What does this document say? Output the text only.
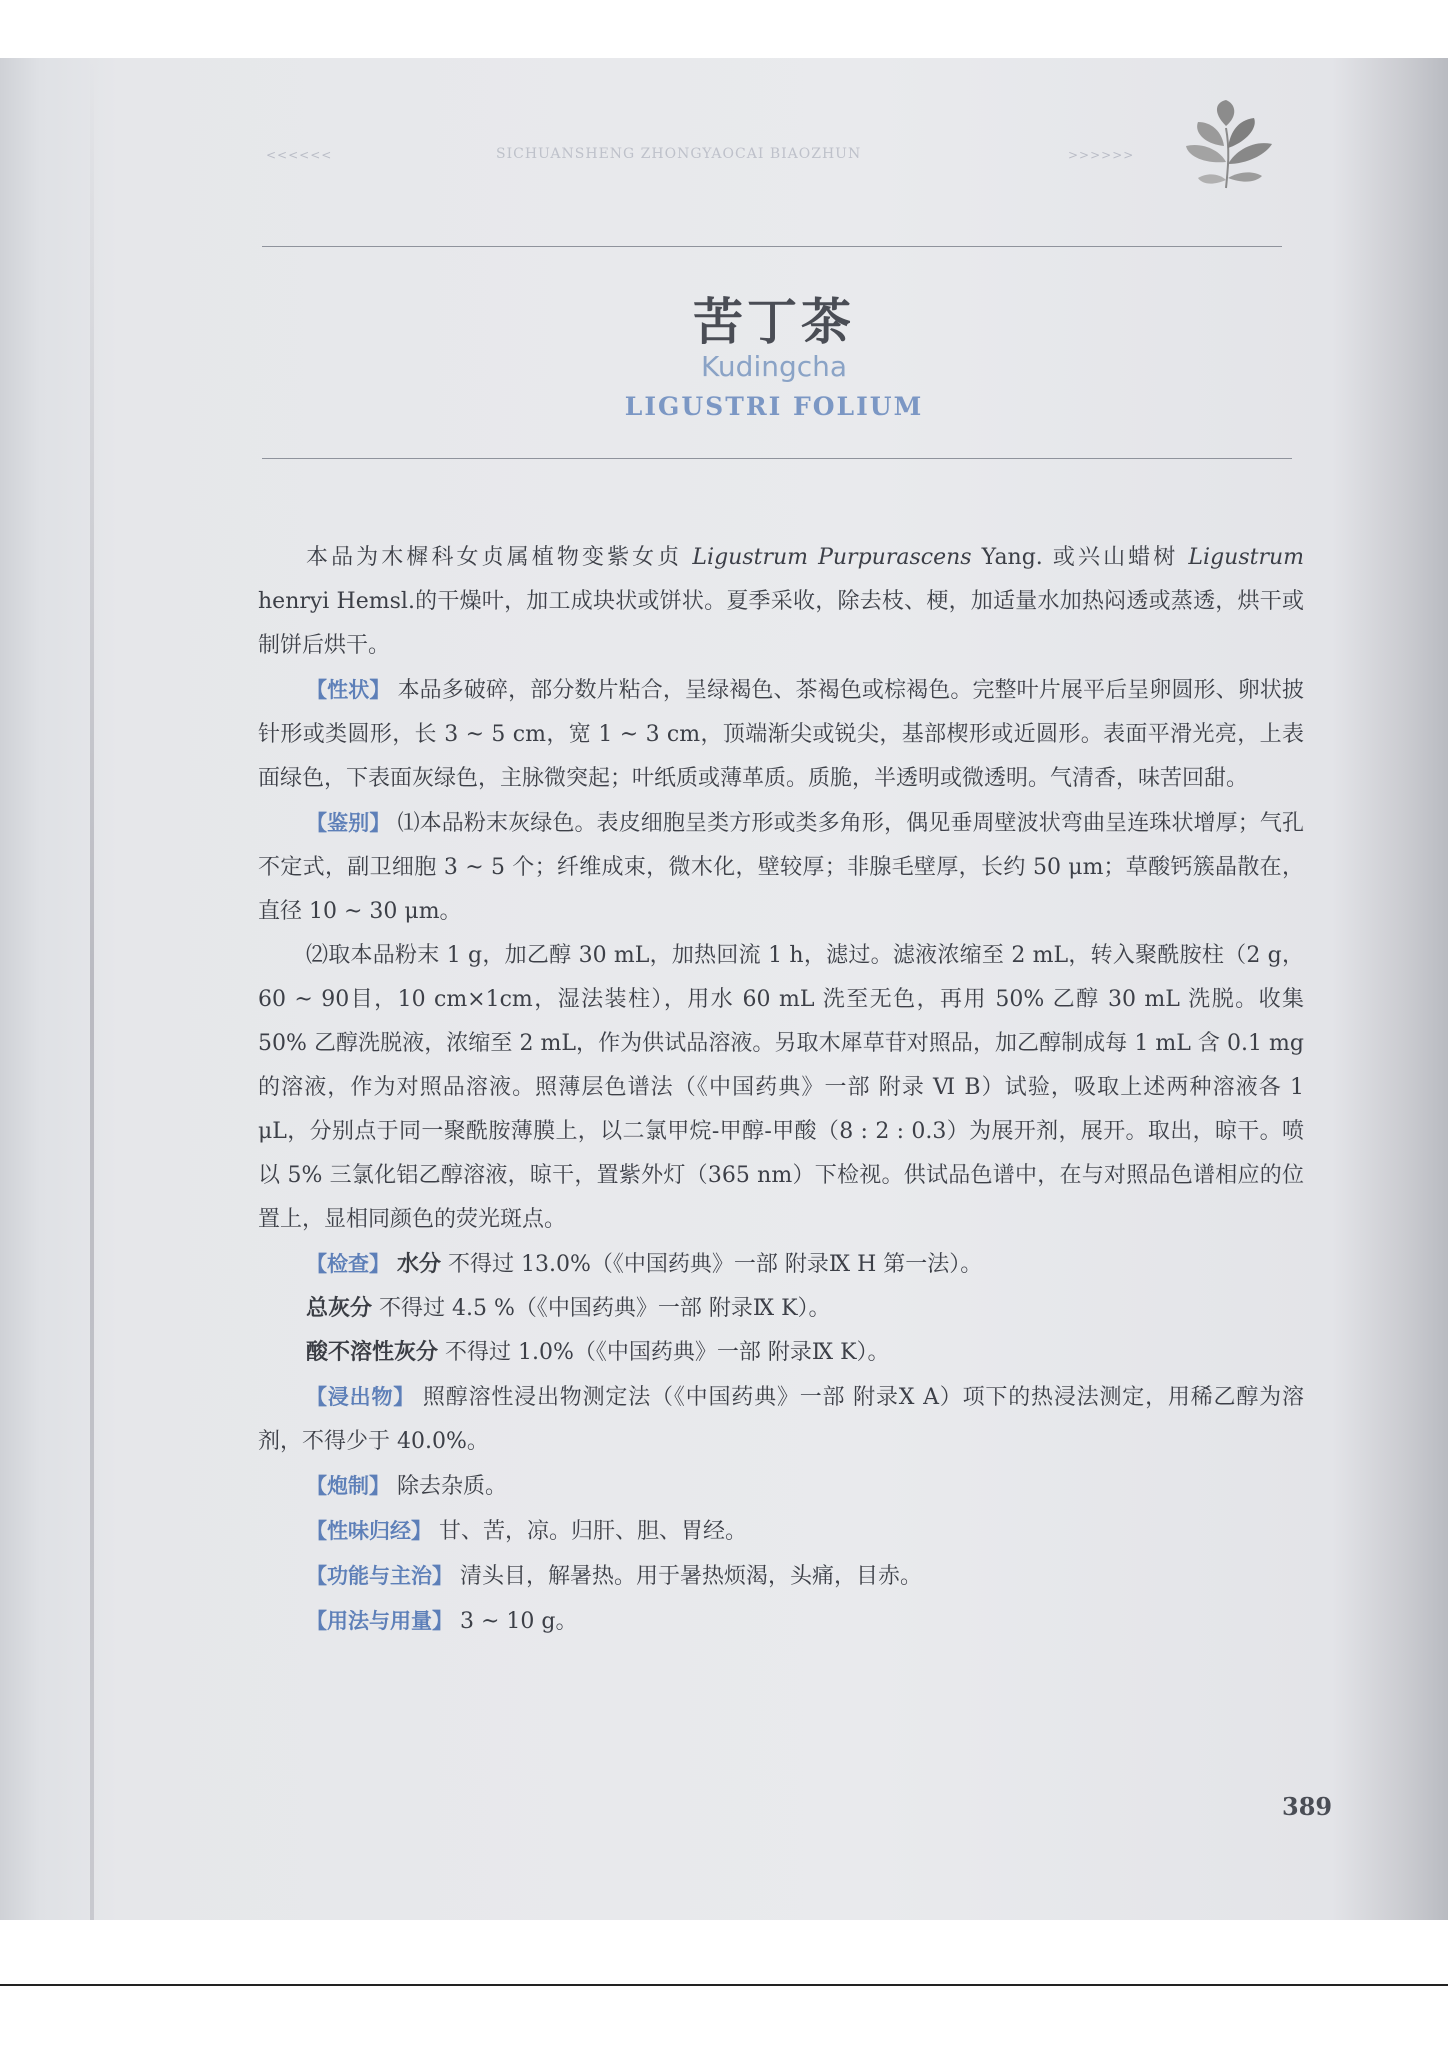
<<<<<<	SICHUANSHENG ZHONGYAOCAI BIAOZHUN	>>>>>>
苦丁茶
Kudingcha
LIGUSTRI FOLIUM

本品为木樨科女贞属植物变紫女贞 Ligustrum Purpurascens Yang. 或兴山蜡树 Ligustrum henryi Hemsl.的干燥叶，加工成块状或饼状。夏季采收，除去枝、梗，加适量水加热闷透或蒸透，烘干或制饼后烘干。

【性状】 本品多破碎，部分数片粘合，呈绿褐色、茶褐色或棕褐色。完整叶片展平后呈卵圆形、卵状披针形或类圆形，长 3 ~ 5 cm，宽 1 ~ 3 cm，顶端渐尖或锐尖，基部楔形或近圆形。表面平滑光亮，上表面绿色，下表面灰绿色，主脉微突起；叶纸质或薄革质。质脆，半透明或微透明。气清香，味苦回甜。

【鉴别】 ⑴本品粉末灰绿色。表皮细胞呈类方形或类多角形，偶见垂周壁波状弯曲呈连珠状增厚；气孔不定式，副卫细胞 3 ~ 5 个；纤维成束，微木化，壁较厚；非腺毛壁厚，长约 50 μm；草酸钙簇晶散在，直径 10 ~ 30 μm。

⑵取本品粉末 1 g，加乙醇 30 mL，加热回流 1 h，滤过。滤液浓缩至 2 mL，转入聚酰胺柱（2 g，60 ~ 90目，10 cm×1cm，湿法装柱），用水 60 mL 洗至无色，再用 50% 乙醇 30 mL 洗脱。收集 50% 乙醇洗脱液，浓缩至 2 mL，作为供试品溶液。另取木犀草苷对照品，加乙醇制成每 1 mL 含 0.1 mg 的溶液，作为对照品溶液。照薄层色谱法（《中国药典》一部 附录 Ⅵ B）试验，吸取上述两种溶液各 1 μL，分别点于同一聚酰胺薄膜上，以二氯甲烷-甲醇-甲酸（8 : 2 : 0.3）为展开剂，展开。取出，晾干。喷以 5% 三氯化铝乙醇溶液，晾干，置紫外灯（365 nm）下检视。供试品色谱中，在与对照品色谱相应的位置上，显相同颜色的荧光斑点。

【检查】 水分 不得过 13.0%（《中国药典》一部 附录Ⅸ H 第一法）。

总灰分 不得过 4.5 %（《中国药典》一部 附录Ⅸ K）。

酸不溶性灰分 不得过 1.0%（《中国药典》一部 附录Ⅸ K）。

【浸出物】 照醇溶性浸出物测定法（《中国药典》一部 附录Ⅹ A）项下的热浸法测定，用稀乙醇为溶剂，不得少于 40.0%。

【炮制】 除去杂质。

【性味归经】 甘、苦，凉。归肝、胆、胃经。

【功能与主治】 清头目，解暑热。用于暑热烦渴，头痛，目赤。

【用法与用量】 3 ~ 10 g。

389
